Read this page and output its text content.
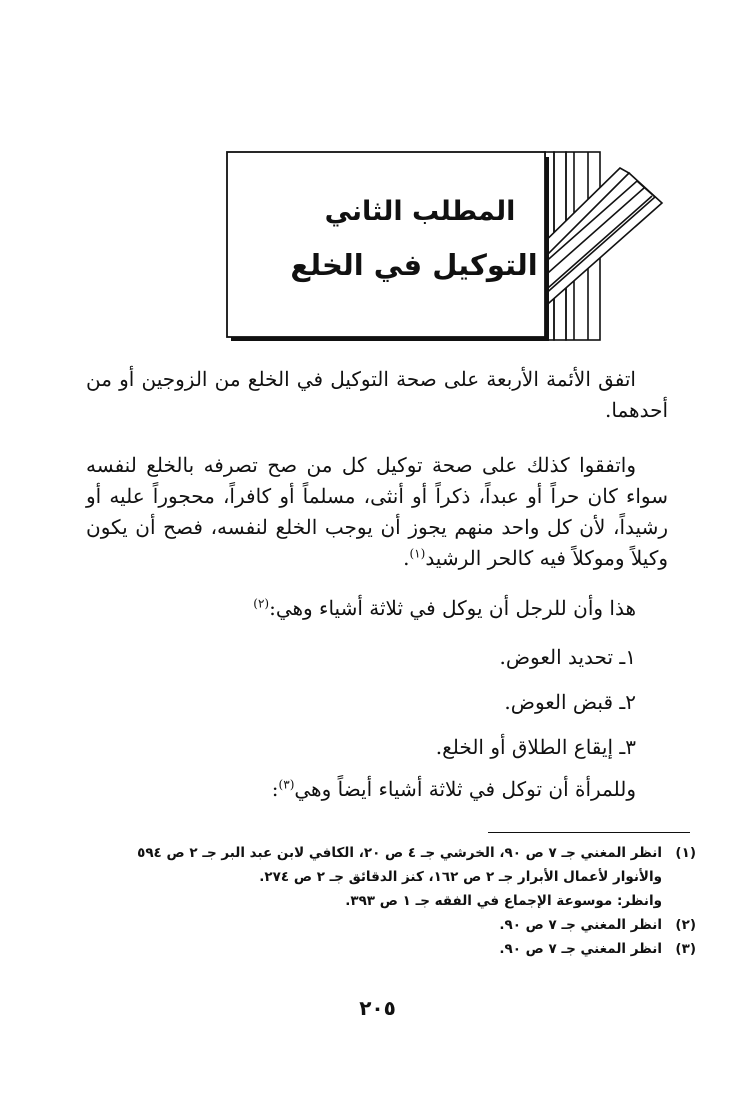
المطلب الثاني
التوكيل في الخلع
اتفق الأئمة الأربعة على صحة التوكيل في الخلع من الزوجين أو من أحدهما.
واتفقوا كذلك على صحة توكيل كل من صح تصرفه بالخلع لنفسه سواء كان حراً أو عبداً، ذكراً أو أنثى، مسلماً أو كافراً، محجوراً عليه أو رشيداً، لأن كل واحد منهم يجوز أن يوجب الخلع لنفسه، فصح أن يكون وكيلاً وموكلاً فيه كالحر الرشيد$^{(١)}$.
هذا وأن للرجل أن يوكل في ثلاثة أشياء وهي:$^{(٢)}$
١ـ تحديد العوض.
٢ـ قبض العوض.
٣ـ إيقاع الطلاق أو الخلع.
وللمرأة أن توكل في ثلاثة أشياء أيضاً وهي$^{(٣)}$:
(١)
انظر المغني جـ ٧ ص ٩٠، الخرشي جـ ٤ ص ٢٠، الكافي لابن عبد البر جـ ٢ ص ٥٩٤ والأنوار لأعمال الأبرار جـ ٢ ص ١٦٢، كنز الدقائق جـ ٢ ص ٢٧٤.
وانظر: موسوعة الإجماع في الفقه جـ ١ ص ٣٩٣.
(٢)
انظر المغني جـ ٧ ص ٩٠.
(٣)
انظر المغني جـ ٧ ص ٩٠.
٢٠٥
